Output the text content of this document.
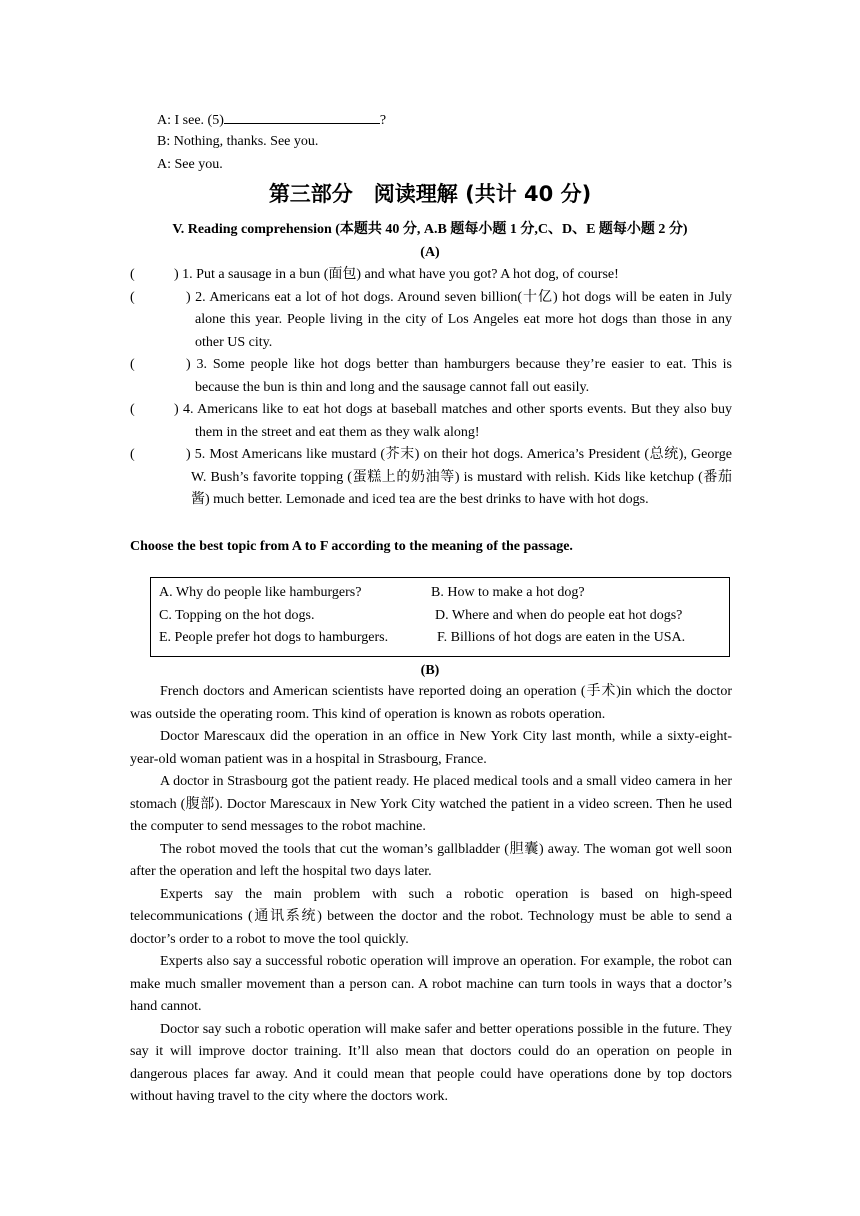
A: I see. (5)	?
B: Nothing, thanks. See you.
A: See you.
第三部分　阅读理解 (共计 40 分)
V. Reading comprehension (本题共 40 分, A.B 题每小题 1 分,C、D、E 题每小题 2 分)
(A)
(	) 1. Put a sausage in a bun (面包) and what have you got? A hot dog, of course!
(	) 2. Americans eat a lot of hot dogs. Around seven billion(十亿) hot dogs will be eaten in July alone this year. People living in the city of Los Angeles eat more hot dogs than those in any other US city.
(	) 3. Some people like hot dogs better than hamburgers because they’re easier to eat. This is because the bun is thin and long and the sausage cannot fall out easily.
(	) 4. Americans like to eat hot dogs at baseball matches and other sports events. But they also buy them in the street and eat them as they walk along!
(	) 5. Most Americans like mustard (芥末) on their hot dogs. America’s President (总统), George W. Bush’s favorite topping (蛋糕上的奶油等) is mustard with relish. Kids like ketchup (番茄酱) much better. Lemonade and iced tea are the best drinks to have with hot dogs.
Choose the best topic from A to F according to the meaning of the passage.
A. Why do people like hamburgers?	B. How to make a hot dog?
C. Topping on the hot dogs.	D. Where and when do people eat hot dogs?
E. People prefer hot dogs to hamburgers.	F. Billions of hot dogs are eaten in the USA.
(B)

French doctors and American scientists have reported doing an operation (手术)in which the doctor was outside the operating room. This kind of operation is known as robots operation.

Doctor Marescaux did the operation in an office in New York City last month, while a sixty-eight-year-old woman patient was in a hospital in Strasbourg, France.

A doctor in Strasbourg got the patient ready. He placed medical tools and a small video camera in her stomach (腹部). Doctor Marescaux in New York City watched the patient in a video screen. Then he used the computer to send messages to the robot machine.

The robot moved the tools that cut the woman’s gallbladder (胆囊) away. The woman got well soon after the operation and left the hospital two days later.

Experts say the main problem with such a robotic operation is based on high-speed telecommunications (通讯系统) between the doctor and the robot. Technology must be able to send a doctor’s order to a robot to move the tool quickly.

Experts also say a successful robotic operation will improve an operation. For example, the robot can make much smaller movement than a person can. A robot machine can turn tools in ways that a doctor’s hand cannot.

Doctor say such a robotic operation will make safer and better operations possible in the future. They say it will improve doctor training. It’ll also mean that doctors could do an operation on people in dangerous places far away. And it could mean that people could have operations done by top doctors without having travel to the city where the doctors work.
